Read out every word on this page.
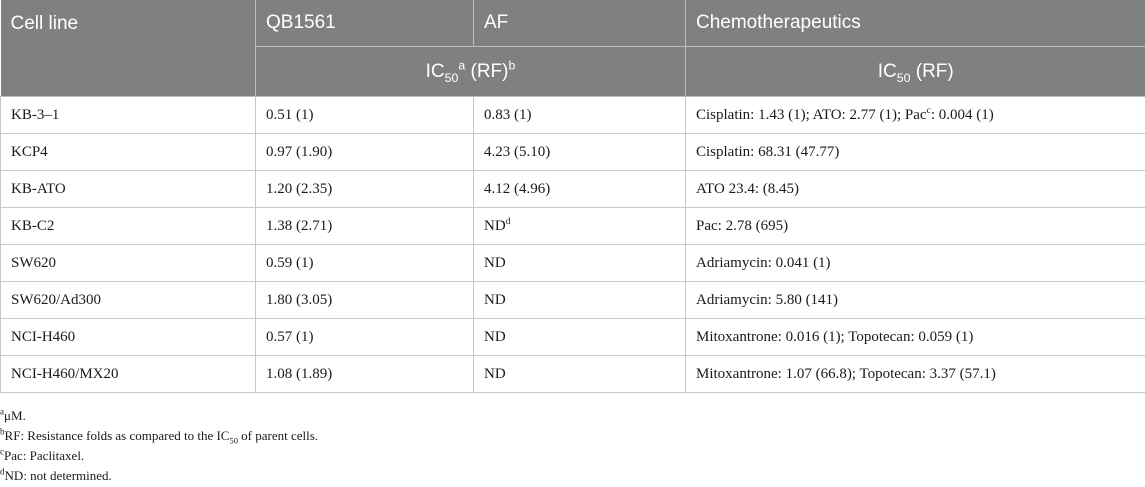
Cell line	QB1561	AF	Chemotherapeutics
	$IC_{50}^a$ (RF)$^b$		$IC_{50}$ (RF)
KB-3–1	0.51 (1)	0.83 (1)	Cisplatin: 1.43 (1); ATO: 2.77 (1); Pac$^c$: 0.004 (1)
KCP4	0.97 (1.90)	4.23 (5.10)	Cisplatin: 68.31 (47.77)
KB-ATO	1.20 (2.35)	4.12 (4.96)	ATO 23.4: (8.45)
KB-C2	1.38 (2.71)	$ND^d$	Pac: 2.78 (695)
SW620	0.59 (1)	ND	Adriamycin: 0.041 (1)
SW620/Ad300	1.80 (3.05)	ND	Adriamycin: 5.80 (141)
NCI-H460	0.57 (1)	ND	Mitoxantrone: 0.016 (1); Topotecan: 0.059 (1)
NCI-H460/MX20	1.08 (1.89)	ND	Mitoxantrone: 1.07 (66.8); Topotecan: 3.37 (57.1)
$^a$μM.
$^b$RF: Resistance folds as compared to the $IC_{50}$ of parent cells.
$^c$Pac: Paclitaxel.
$^d$ND: not determined.
